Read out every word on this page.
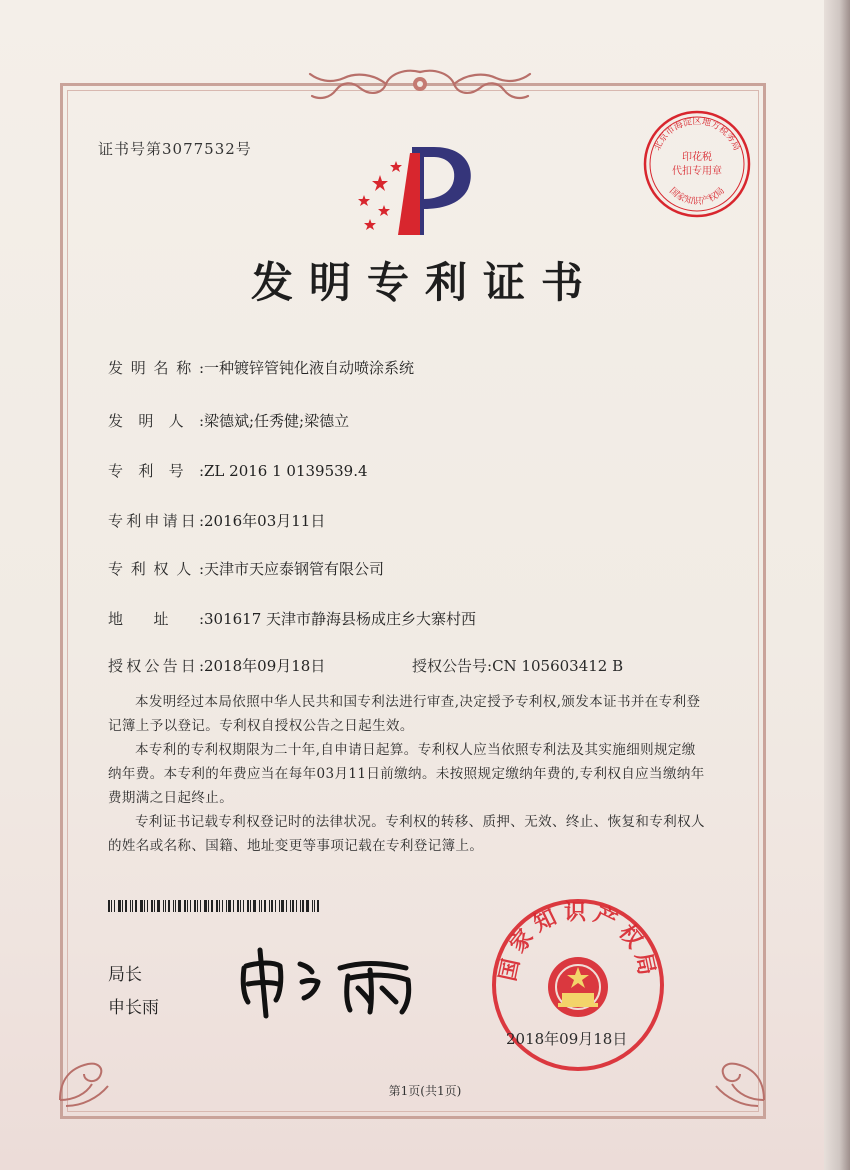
证书号第3077532号	北京市海淀区地方税务局
印花税
代扣专用章
国家知识产权局
发明专利证书
发明名称:一种镀锌管钝化液自动喷涂系统
发明人:梁德斌;任秀健;梁德立
专利号:ZL 2016 1 0139539.4
专利申请日:2016年03月11日
专利权人:天津市天应泰钢管有限公司
地址:301617 天津市静海县杨成庄乡大寨村西
授权公告日:2018年09月18日	授权公告号:CN 105603412 B

本发明经过本局依照中华人民共和国专利法进行审查,决定授予专利权,颁发本证书并在专利登记簿上予以登记。专利权自授权公告之日起生效。

本专利的专利权期限为二十年,自申请日起算。专利权人应当依照专利法及其实施细则规定缴纳年费。本专利的年费应当在每年03月11日前缴纳。未按照规定缴纳年费的,专利权自应当缴纳年费期满之日起终止。

专利证书记载专利权登记时的法律状况。专利权的转移、质押、无效、终止、恢复和专利权人的姓名或名称、国籍、地址变更等事项记载在专利登记簿上。

局长
申长雨
国家知识产权局
2018年09月18日
第1页(共1页)
